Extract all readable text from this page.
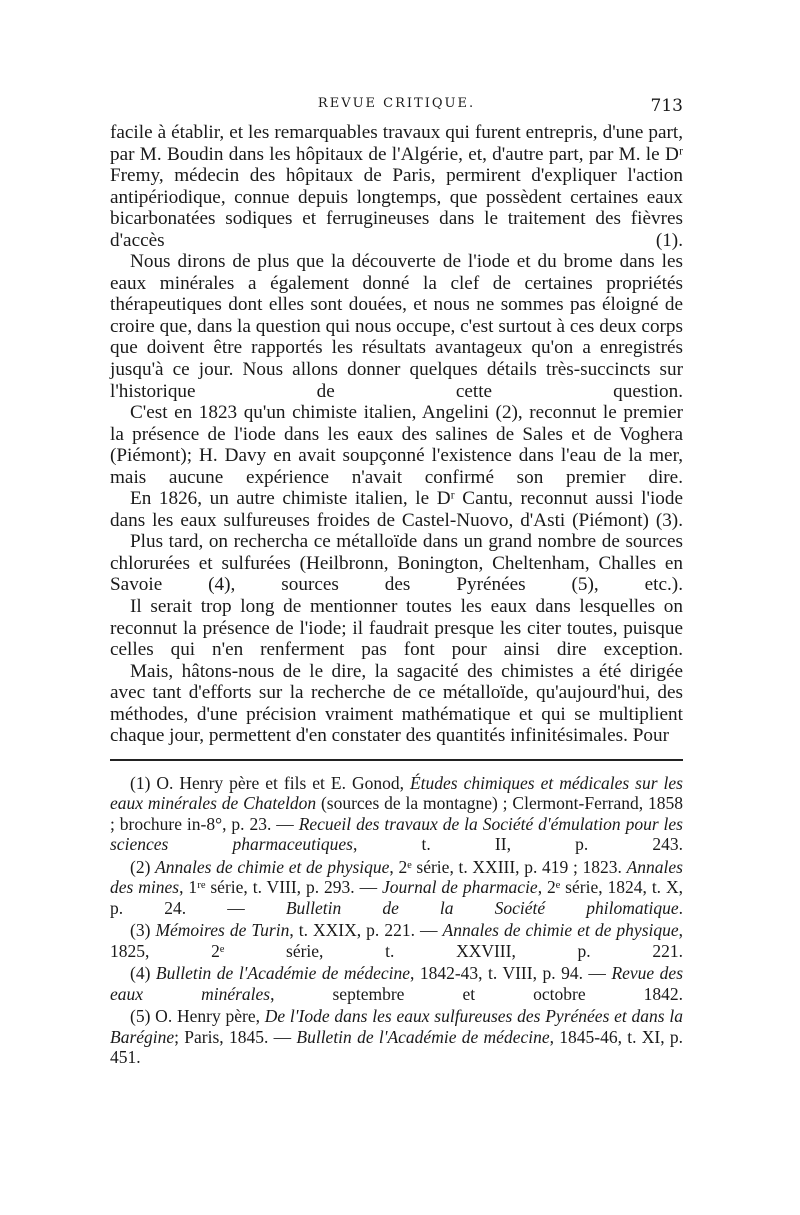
REVUE CRITIQUE.	713

facile à établir, et les remarquables travaux qui furent entrepris, d'une part, par M. Boudin dans les hôpitaux de l'Algérie, et, d'autre part, par M. le Dʳ Fremy, médecin des hôpitaux de Paris, permirent d'expliquer l'action antipériodique, connue depuis longtemps, que possèdent certaines eaux bicarbonatées sodiques et ferrugineuses dans le traitement des fièvres d'accès (1).

Nous dirons de plus que la découverte de l'iode et du brome dans les eaux minérales a également donné la clef de certaines propriétés thérapeutiques dont elles sont douées, et nous ne sommes pas éloigné de croire que, dans la question qui nous occupe, c'est surtout à ces deux corps que doivent être rapportés les résultats avantageux qu'on a enregistrés jusqu'à ce jour. Nous allons donner quelques détails très-succincts sur l'historique de cette question.

C'est en 1823 qu'un chimiste italien, Angelini (2), reconnut le premier la présence de l'iode dans les eaux des salines de Sales et de Voghera (Piémont); H. Davy en avait soupçonné l'existence dans l'eau de la mer, mais aucune expérience n'avait confirmé son premier dire.

En 1826, un autre chimiste italien, le Dʳ Cantu, reconnut aussi l'iode dans les eaux sulfureuses froides de Castel-Nuovo, d'Asti (Piémont) (3).

Plus tard, on rechercha ce métalloïde dans un grand nombre de sources chlorurées et sulfurées (Heilbronn, Bonington, Cheltenham, Challes en Savoie (4), sources des Pyrénées (5), etc.).

Il serait trop long de mentionner toutes les eaux dans lesquelles on reconnut la présence de l'iode; il faudrait presque les citer toutes, puisque celles qui n'en renferment pas font pour ainsi dire exception.

Mais, hâtons-nous de le dire, la sagacité des chimistes a été dirigée avec tant d'efforts sur la recherche de ce métalloïde, qu'aujourd'hui, des méthodes, d'une précision vraiment mathématique et qui se multiplient chaque jour, permettent d'en constater des quantités infinitésimales. Pour

(1) O. Henry père et fils et E. Gonod, Études chimiques et médicales sur les eaux minérales de Chateldon (sources de la montagne) ; Clermont-Ferrand, 1858 ; brochure in-8°, p. 23. — Recueil des travaux de la Société d'émulation pour les sciences pharmaceutiques, t. II, p. 243.

(2) Annales de chimie et de physique, 2ᵉ série, t. XXIII, p. 419 ; 1823. Annales des mines, 1ʳᵉ série, t. VIII, p. 293. — Journal de pharmacie, 2ᵉ série, 1824, t. X, p. 24. — Bulletin de la Société philomatique.

(3) Mémoires de Turin, t. XXIX, p. 221. — Annales de chimie et de physique, 1825, 2ᵉ série, t. XXVIII, p. 221.

(4) Bulletin de l'Académie de médecine, 1842-43, t. VIII, p. 94. — Revue des eaux minérales, septembre et octobre 1842.

(5) O. Henry père, De l'Iode dans les eaux sulfureuses des Pyrénées et dans la Barégine; Paris, 1845. — Bulletin de l'Académie de médecine, 1845-46, t. XI, p. 451.
